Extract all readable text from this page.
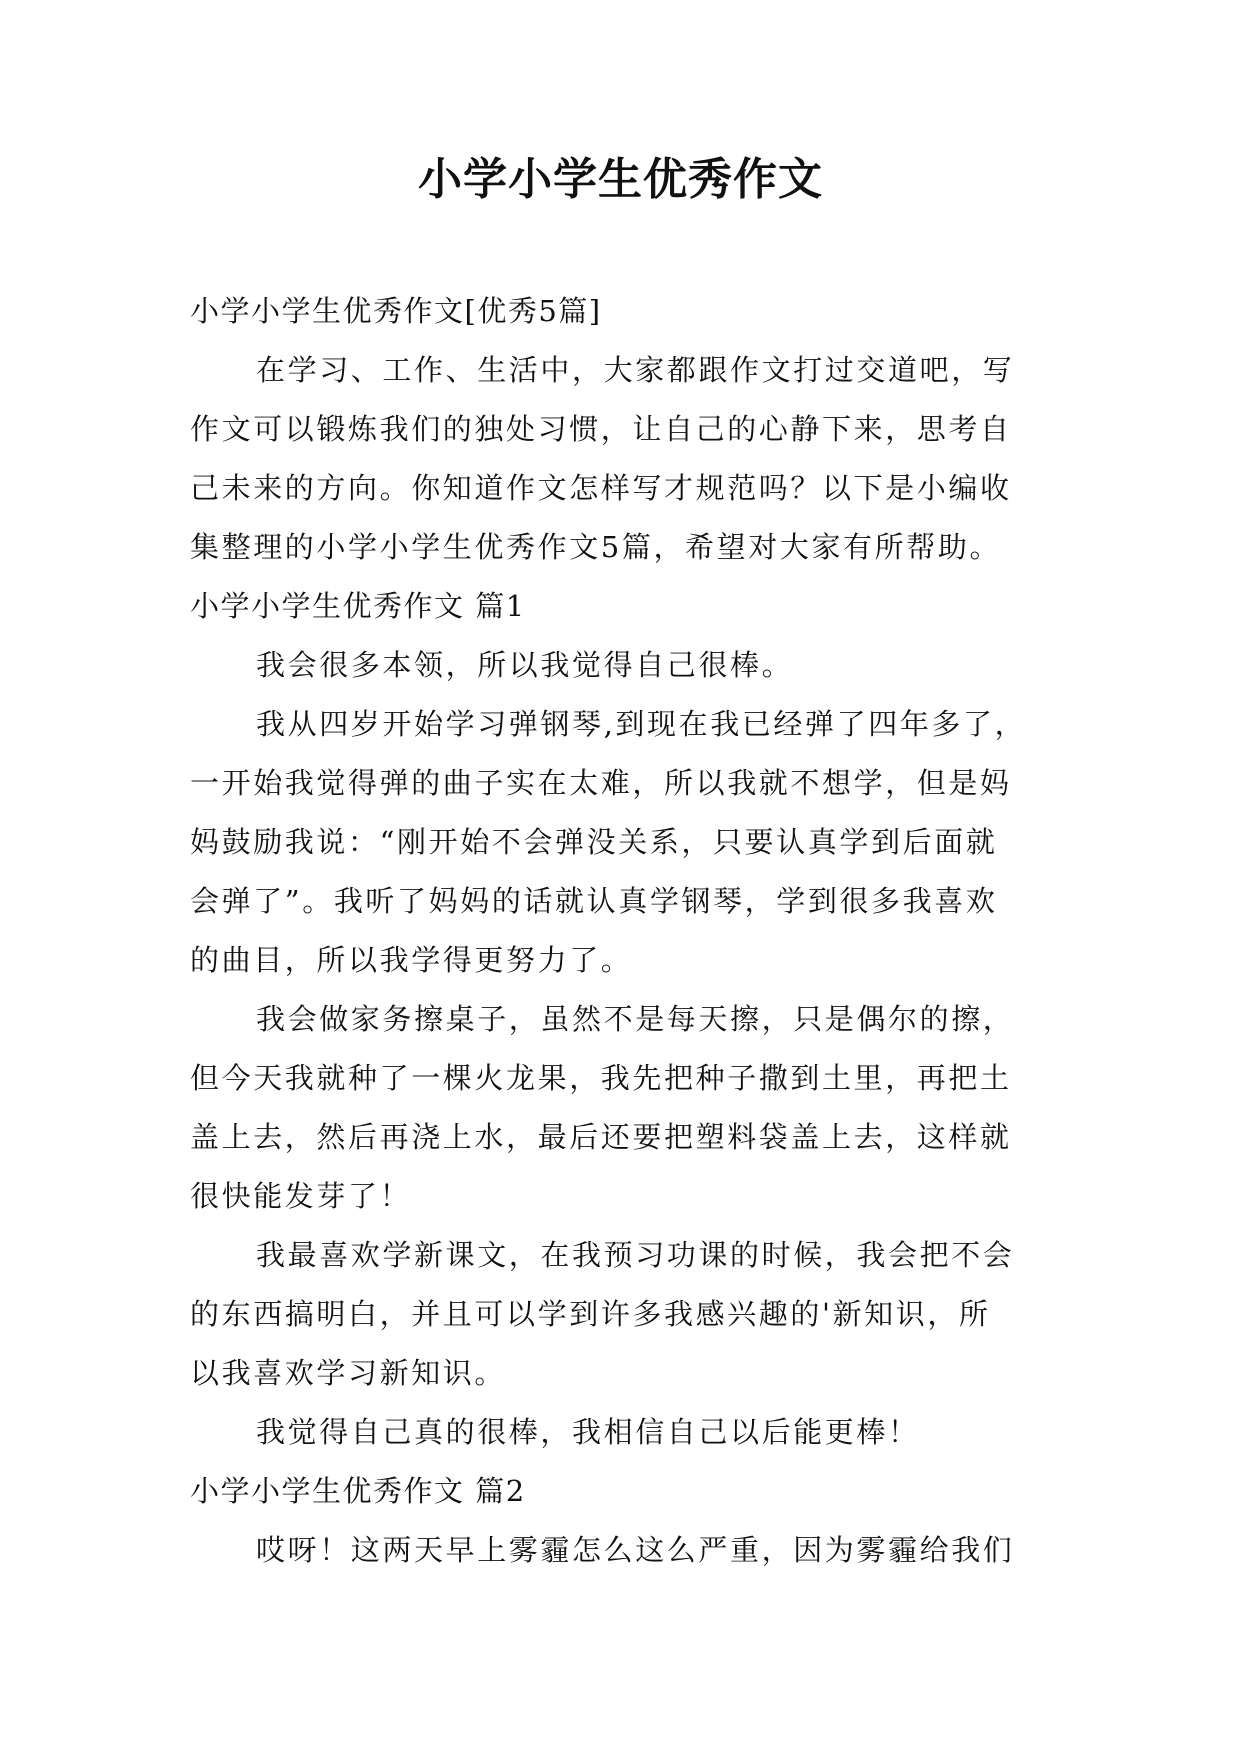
小学小学生优秀作文

小学小学生优秀作文[优秀5篇]

在学习、工作、生活中，大家都跟作文打过交道吧，写

作文可以锻炼我们的独处习惯，让自己的心静下来，思考自

己未来的方向。你知道作文怎样写才规范吗？以下是小编收

集整理的小学小学生优秀作文5篇，希望对大家有所帮助。

小学小学生优秀作文 篇1

我会很多本领，所以我觉得自己很棒。

我从四岁开始学习弹钢琴,到现在我已经弹了四年多了，

一开始我觉得弹的曲子实在太难，所以我就不想学，但是妈

妈鼓励我说：“刚开始不会弹没关系，只要认真学到后面就

会弹了”。我听了妈妈的话就认真学钢琴，学到很多我喜欢

的曲目，所以我学得更努力了。

我会做家务擦桌子，虽然不是每天擦，只是偶尔的擦，

但今天我就种了一棵火龙果，我先把种子撒到土里，再把土

盖上去，然后再浇上水，最后还要把塑料袋盖上去，这样就

很快能发芽了！

我最喜欢学新课文，在我预习功课的时候，我会把不会

的东西搞明白，并且可以学到许多我感兴趣的'新知识，所

以我喜欢学习新知识。

我觉得自己真的很棒，我相信自己以后能更棒！

小学小学生优秀作文 篇2

哎呀！这两天早上雾霾怎么这么严重，因为雾霾给我们
